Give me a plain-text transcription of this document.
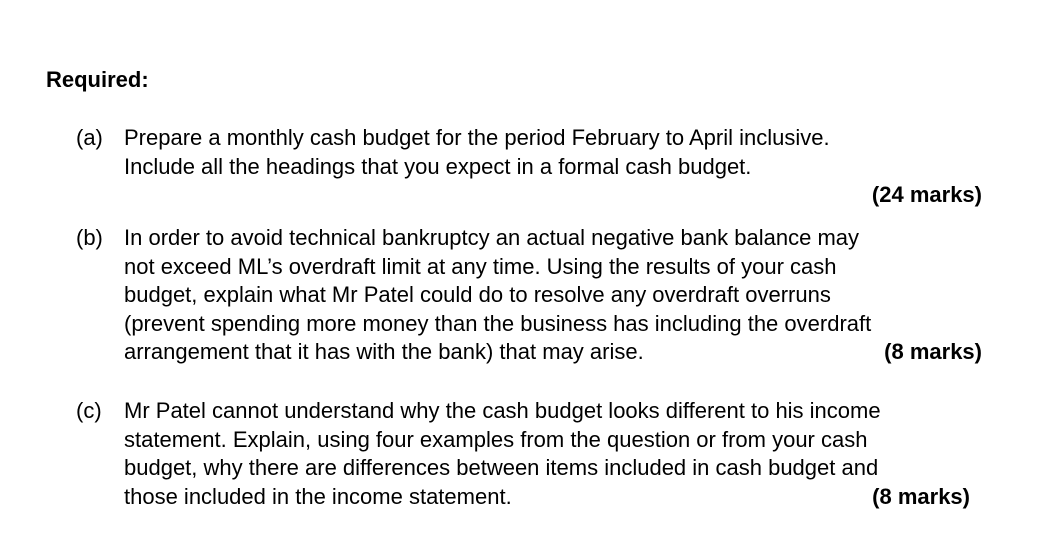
Required:
(a) Prepare a monthly cash budget for the period February to April inclusive.
Include all the headings that you expect in a formal cash budget.
(24 marks)
(b) In order to avoid technical bankruptcy an actual negative bank balance may
not exceed ML’s overdraft limit at any time. Using the results of your cash
budget, explain what Mr Patel could do to resolve any overdraft overruns
(prevent spending more money than the business has including the overdraft
arrangement that it has with the bank) that may arise.	(8 marks)
(c)	Mr Patel cannot understand why the cash budget looks different to his income
statement. Explain, using four examples from the question or from your cash
budget, why there are differences between items included in cash budget and
those included in the income statement.	(8 marks)
